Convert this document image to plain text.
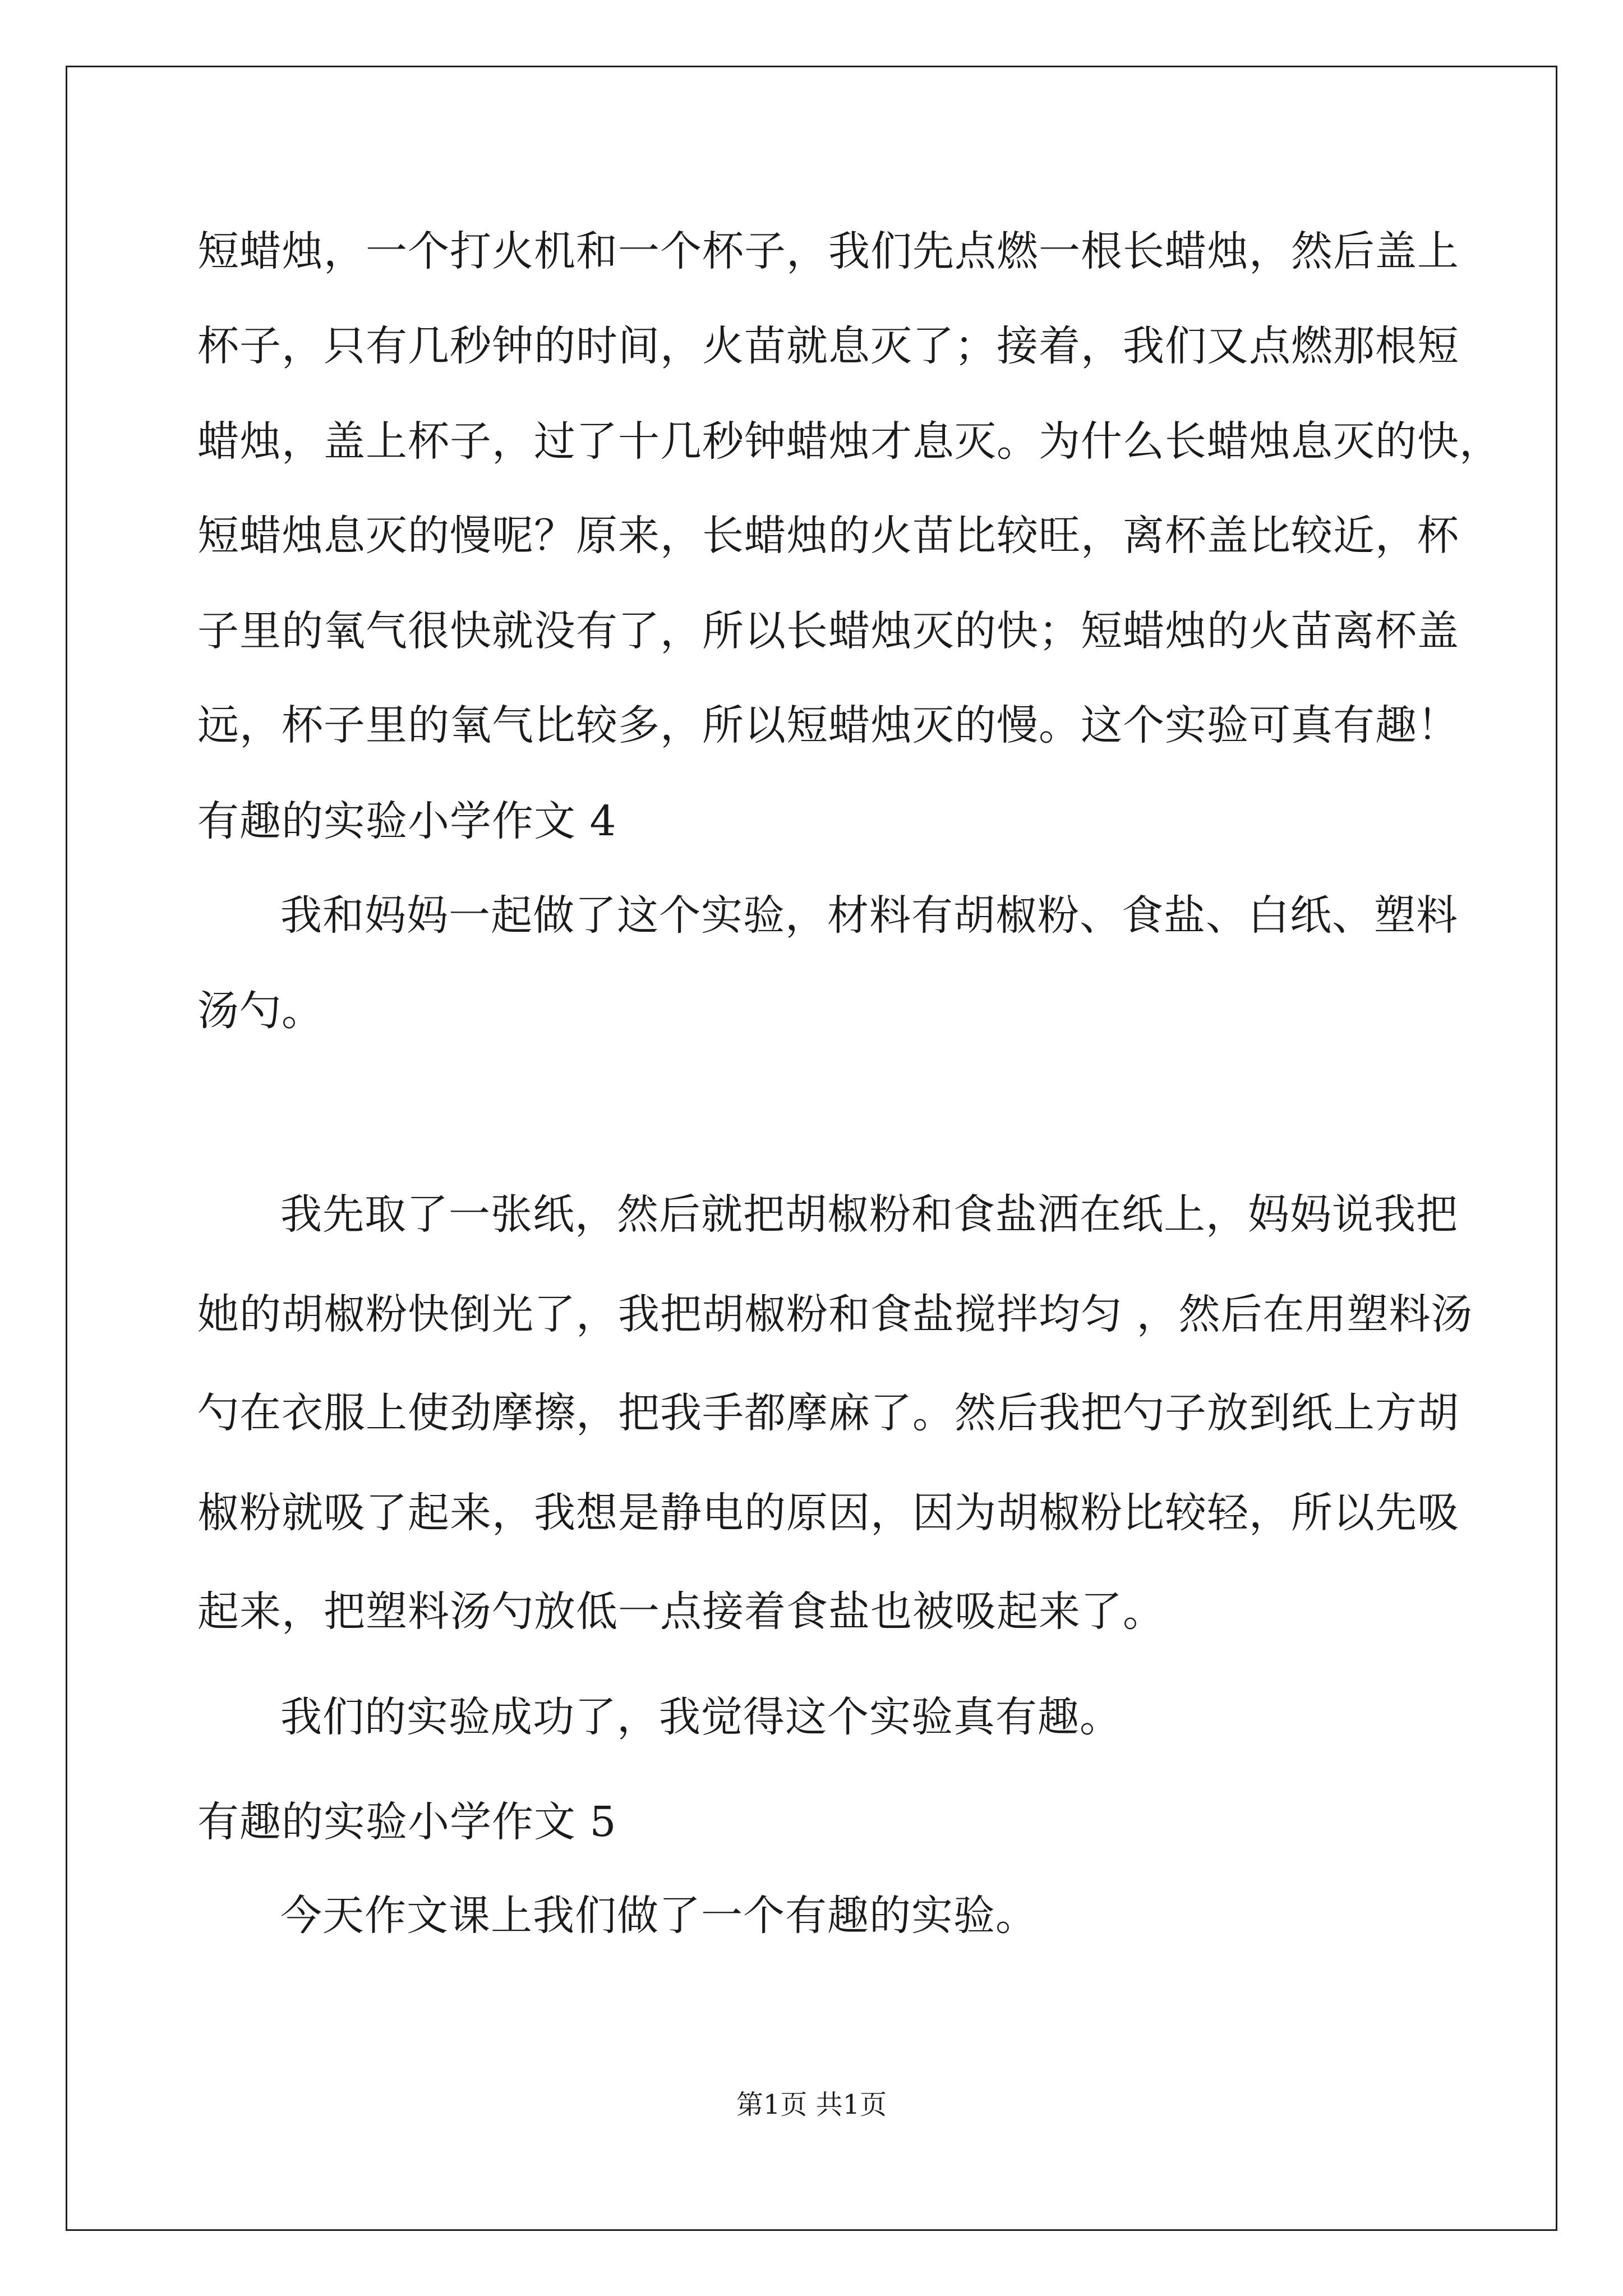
短蜡烛，一个打火机和一个杯子，我们先点燃一根长蜡烛，然后盖上
杯子，只有几秒钟的时间，火苗就息灭了；接着，我们又点燃那根短
蜡烛，盖上杯子，过了十几秒钟蜡烛才息灭。为什么长蜡烛息灭的快，
短蜡烛息灭的慢呢？原来，长蜡烛的火苗比较旺，离杯盖比较近，杯
子里的氧气很快就没有了，所以长蜡烛灭的快；短蜡烛的火苗离杯盖
远，杯子里的氧气比较多，所以短蜡烛灭的慢。这个实验可真有趣！
有趣的实验小学作文 4
我和妈妈一起做了这个实验，材料有胡椒粉、食盐、白纸、塑料
汤勺。
我先取了一张纸，然后就把胡椒粉和食盐洒在纸上，妈妈说我把
她的胡椒粉快倒光了，我把胡椒粉和食盐搅拌均匀 ，然后在用塑料汤
勺在衣服上使劲摩擦，把我手都摩麻了。然后我把勺子放到纸上方胡
椒粉就吸了起来，我想是静电的原因，因为胡椒粉比较轻，所以先吸
起来，把塑料汤勺放低一点接着食盐也被吸起来了。
我们的实验成功了，我觉得这个实验真有趣。
有趣的实验小学作文 5
今天作文课上我们做了一个有趣的实验。
第1页 共1页
